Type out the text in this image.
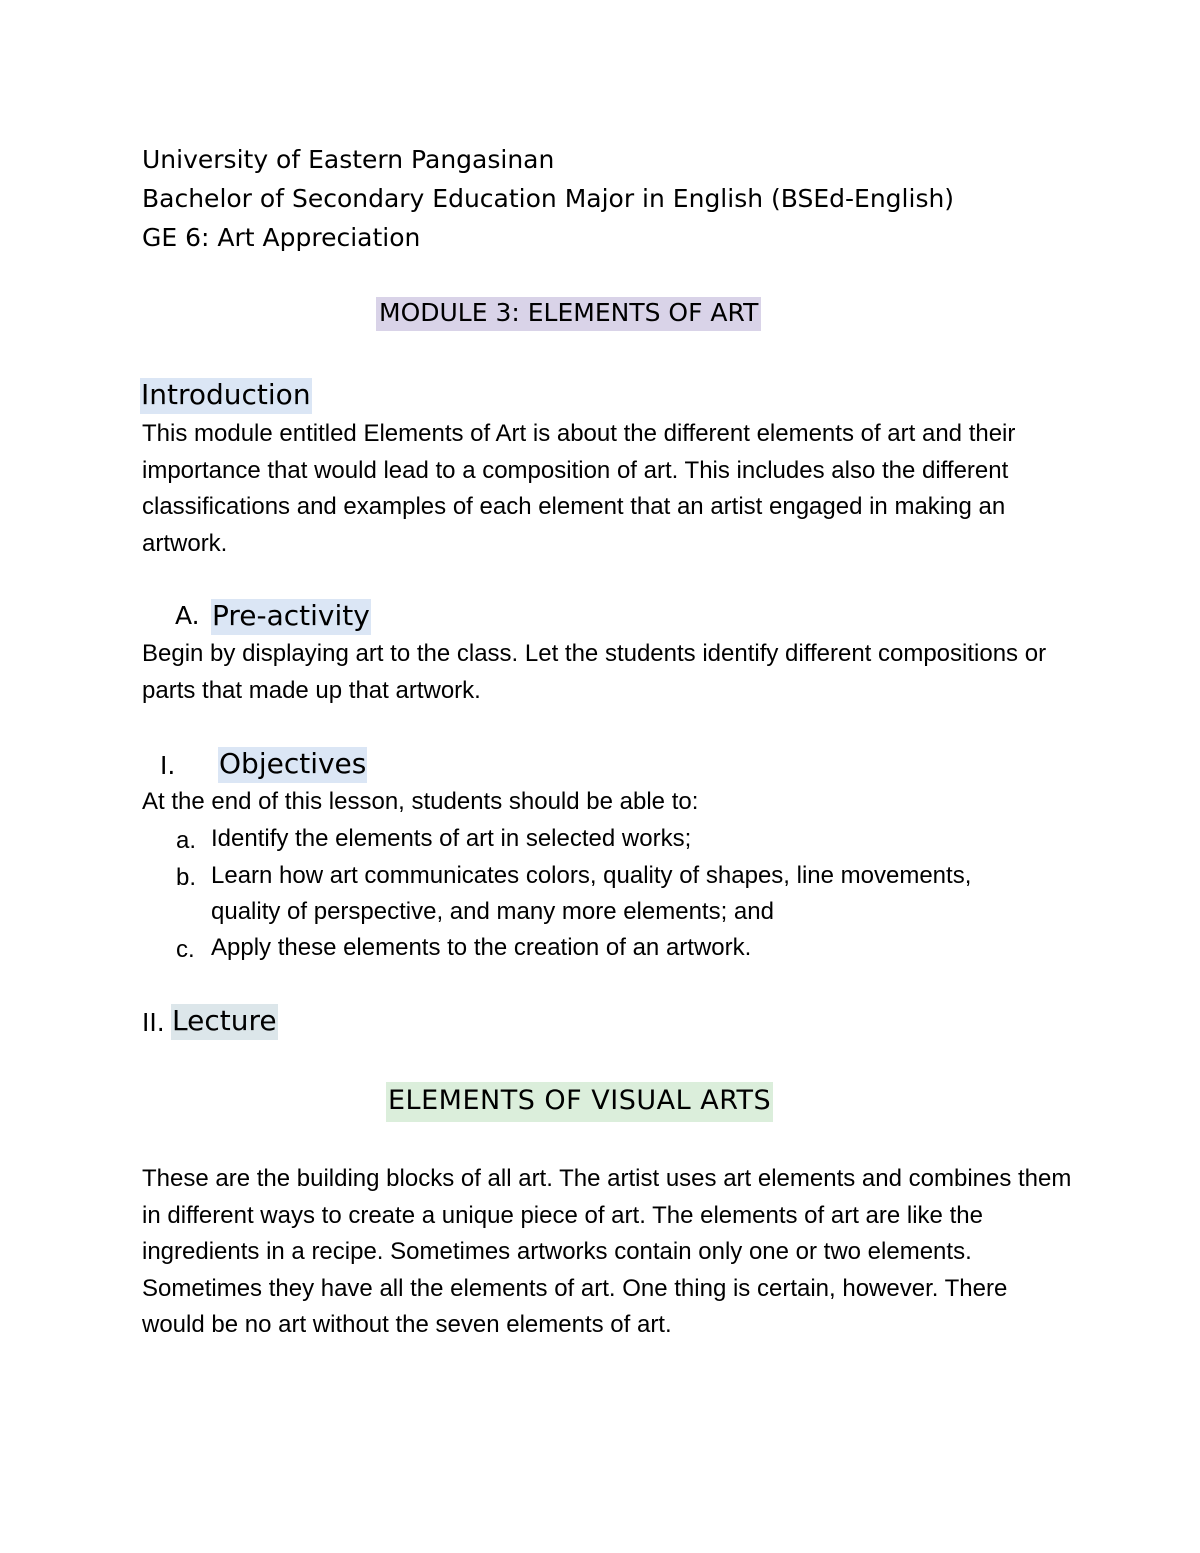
University of Eastern Pangasinan
Bachelor of Secondary Education Major in English (BSEd-English)
GE 6: Art Appreciation
MODULE 3: ELEMENTS OF ART
Introduction

This module entitled Elements of Art is about the different elements of art and their importance that would lead to a composition of art. This includes also the different classifications and examples of each element that an artist engaged in making an artwork.

A. Pre-activity

Begin by displaying art to the class. Let the students identify different compositions or parts that made up that artwork.

I. Objectives

At the end of this lesson, students should be able to:

a. Identify the elements of art in selected works;
b. Learn how art communicates colors, quality of shapes, line movements, quality of perspective, and many more elements; and
c. Apply these elements to the creation of an artwork.
II. Lecture
ELEMENTS OF VISUAL ARTS

These are the building blocks of all art. The artist uses art elements and combines them in different ways to create a unique piece of art. The elements of art are like the ingredients in a recipe. Sometimes artworks contain only one or two elements.

Sometimes they have all the elements of art. One thing is certain, however. There would be no art without the seven elements of art.
